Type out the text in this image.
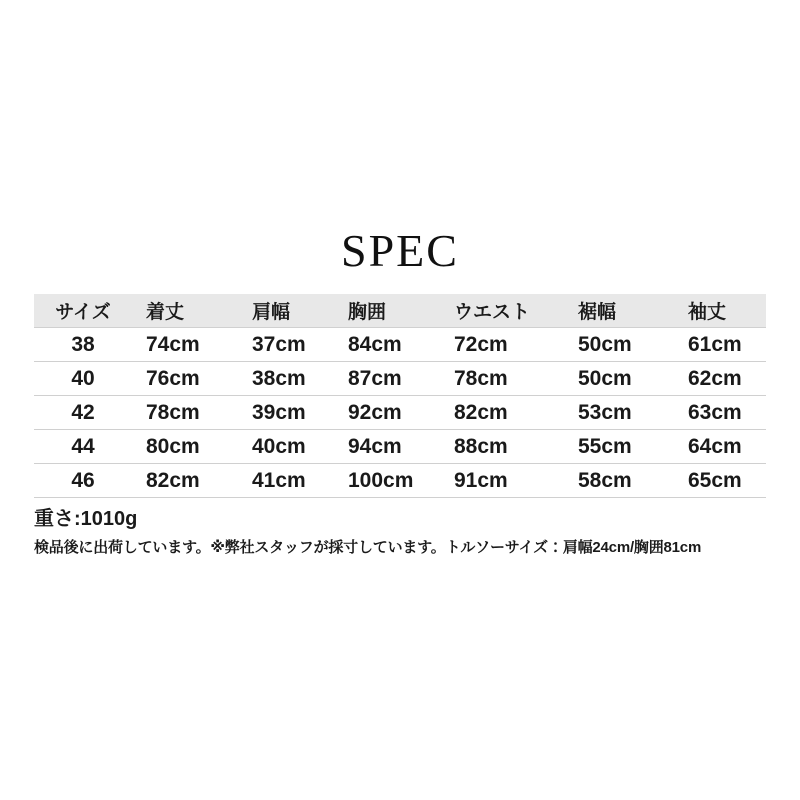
SPEC
サイズ	着丈	肩幅	胸囲	ウエスト	裾幅	袖丈
38	74cm	37cm	84cm	72cm	50cm	61cm
40	76cm	38cm	87cm	78cm	50cm	62cm
42	78cm	39cm	92cm	82cm	53cm	63cm
44	80cm	40cm	94cm	88cm	55cm	64cm
46	82cm	41cm	100cm	91cm	58cm	65cm

重さ:1010g

検品後に出荷しています。※弊社スタッフが採寸しています。トルソーサイズ：肩幅24cm/胸囲81cm
